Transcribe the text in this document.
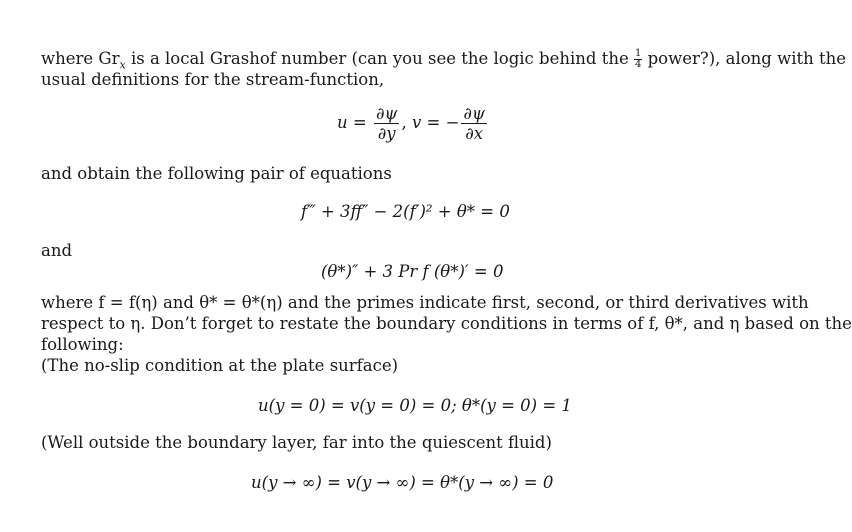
where $Gr_x$ is a local Grashof number (can you see the logic behind the $\frac{1}{4}$ power?), along with the
usual definitions for the stream-function,
$u = \frac{\partial\psi}{\partial y}$ , v = − $\frac{\partial\psi}{\partial x}$
and obtain the following pair of equations
f‴ + 3ff″ − 2(f′)² + θ* = 0
and
(θ*)″ + 3 Pr f (θ*)′ = 0
where f = f(η) and θ* = θ*(η) and the primes indicate first, second, or third derivatives with
respect to η. Don’t forget to restate the boundary conditions in terms of f, θ*, and η based on the
following:
(The no-slip condition at the plate surface)
u(y = 0) = v(y = 0) = 0; θ*(y = 0) = 1
(Well outside the boundary layer, far into the quiescent fluid)
u(y → ∞) = v(y → ∞) = θ*(y → ∞) = 0
